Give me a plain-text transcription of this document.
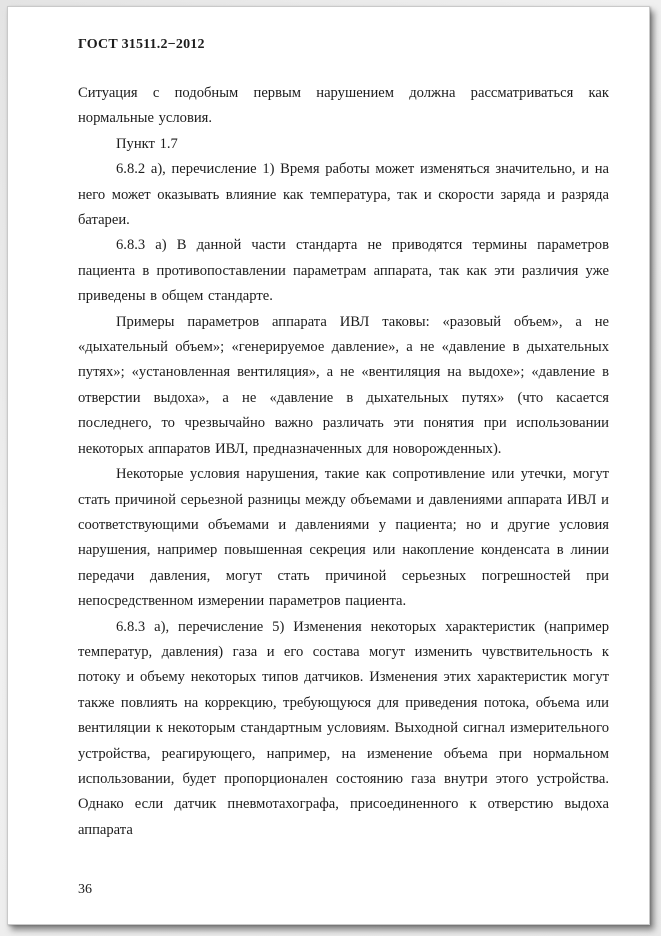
ГОСТ 31511.2−2012

Ситуация с подобным первым нарушением должна рассматриваться как нормальные условия.

Пункт 1.7

6.8.2 а), перечисление 1) Время работы может изменяться значительно, и на него может оказывать влияние как температура, так и скорости заряда и разряда батареи.

6.8.3 а) В данной части стандарта не приводятся термины параметров пациента в противопоставлении параметрам аппарата, так как эти различия уже приведены в общем стандарте.

Примеры параметров аппарата ИВЛ таковы: «разовый объем», а не «дыхательный объем»; «генерируемое давление», а не «давление в дыхательных путях»; «установленная вентиляция», а не «вентиляция на выдохе»; «давление в отверстии выдоха», а не «давление в дыхательных путях» (что касается последнего, то чрезвычайно важно различать эти понятия при использовании некоторых аппаратов ИВЛ, предназначенных для новорожденных).

Некоторые условия нарушения, такие как сопротивление или утечки, могут стать причиной серьезной разницы между объемами и давлениями аппарата ИВЛ и соответствующими объемами и давлениями у пациента; но и другие условия нарушения, например повышенная секреция или накопление конденсата в линии передачи давления, могут стать причиной серьезных погрешностей при непосредственном измерении параметров пациента.

6.8.3 а), перечисление 5) Изменения некоторых характеристик (например температур, давления) газа и его состава могут изменить чувствительность к потоку и объему некоторых типов датчиков. Изменения этих характеристик могут также повлиять на коррекцию, требующуюся для приведения потока, объема или вентиляции к некоторым стандартным условиям. Выходной сигнал измерительного устройства, реагирующего, например, на изменение объема при нормальном использовании, будет пропорционален состоянию газа внутри этого устройства. Однако если датчик пневмотахографа, присоединенного к отверстию выдоха аппарата

36
